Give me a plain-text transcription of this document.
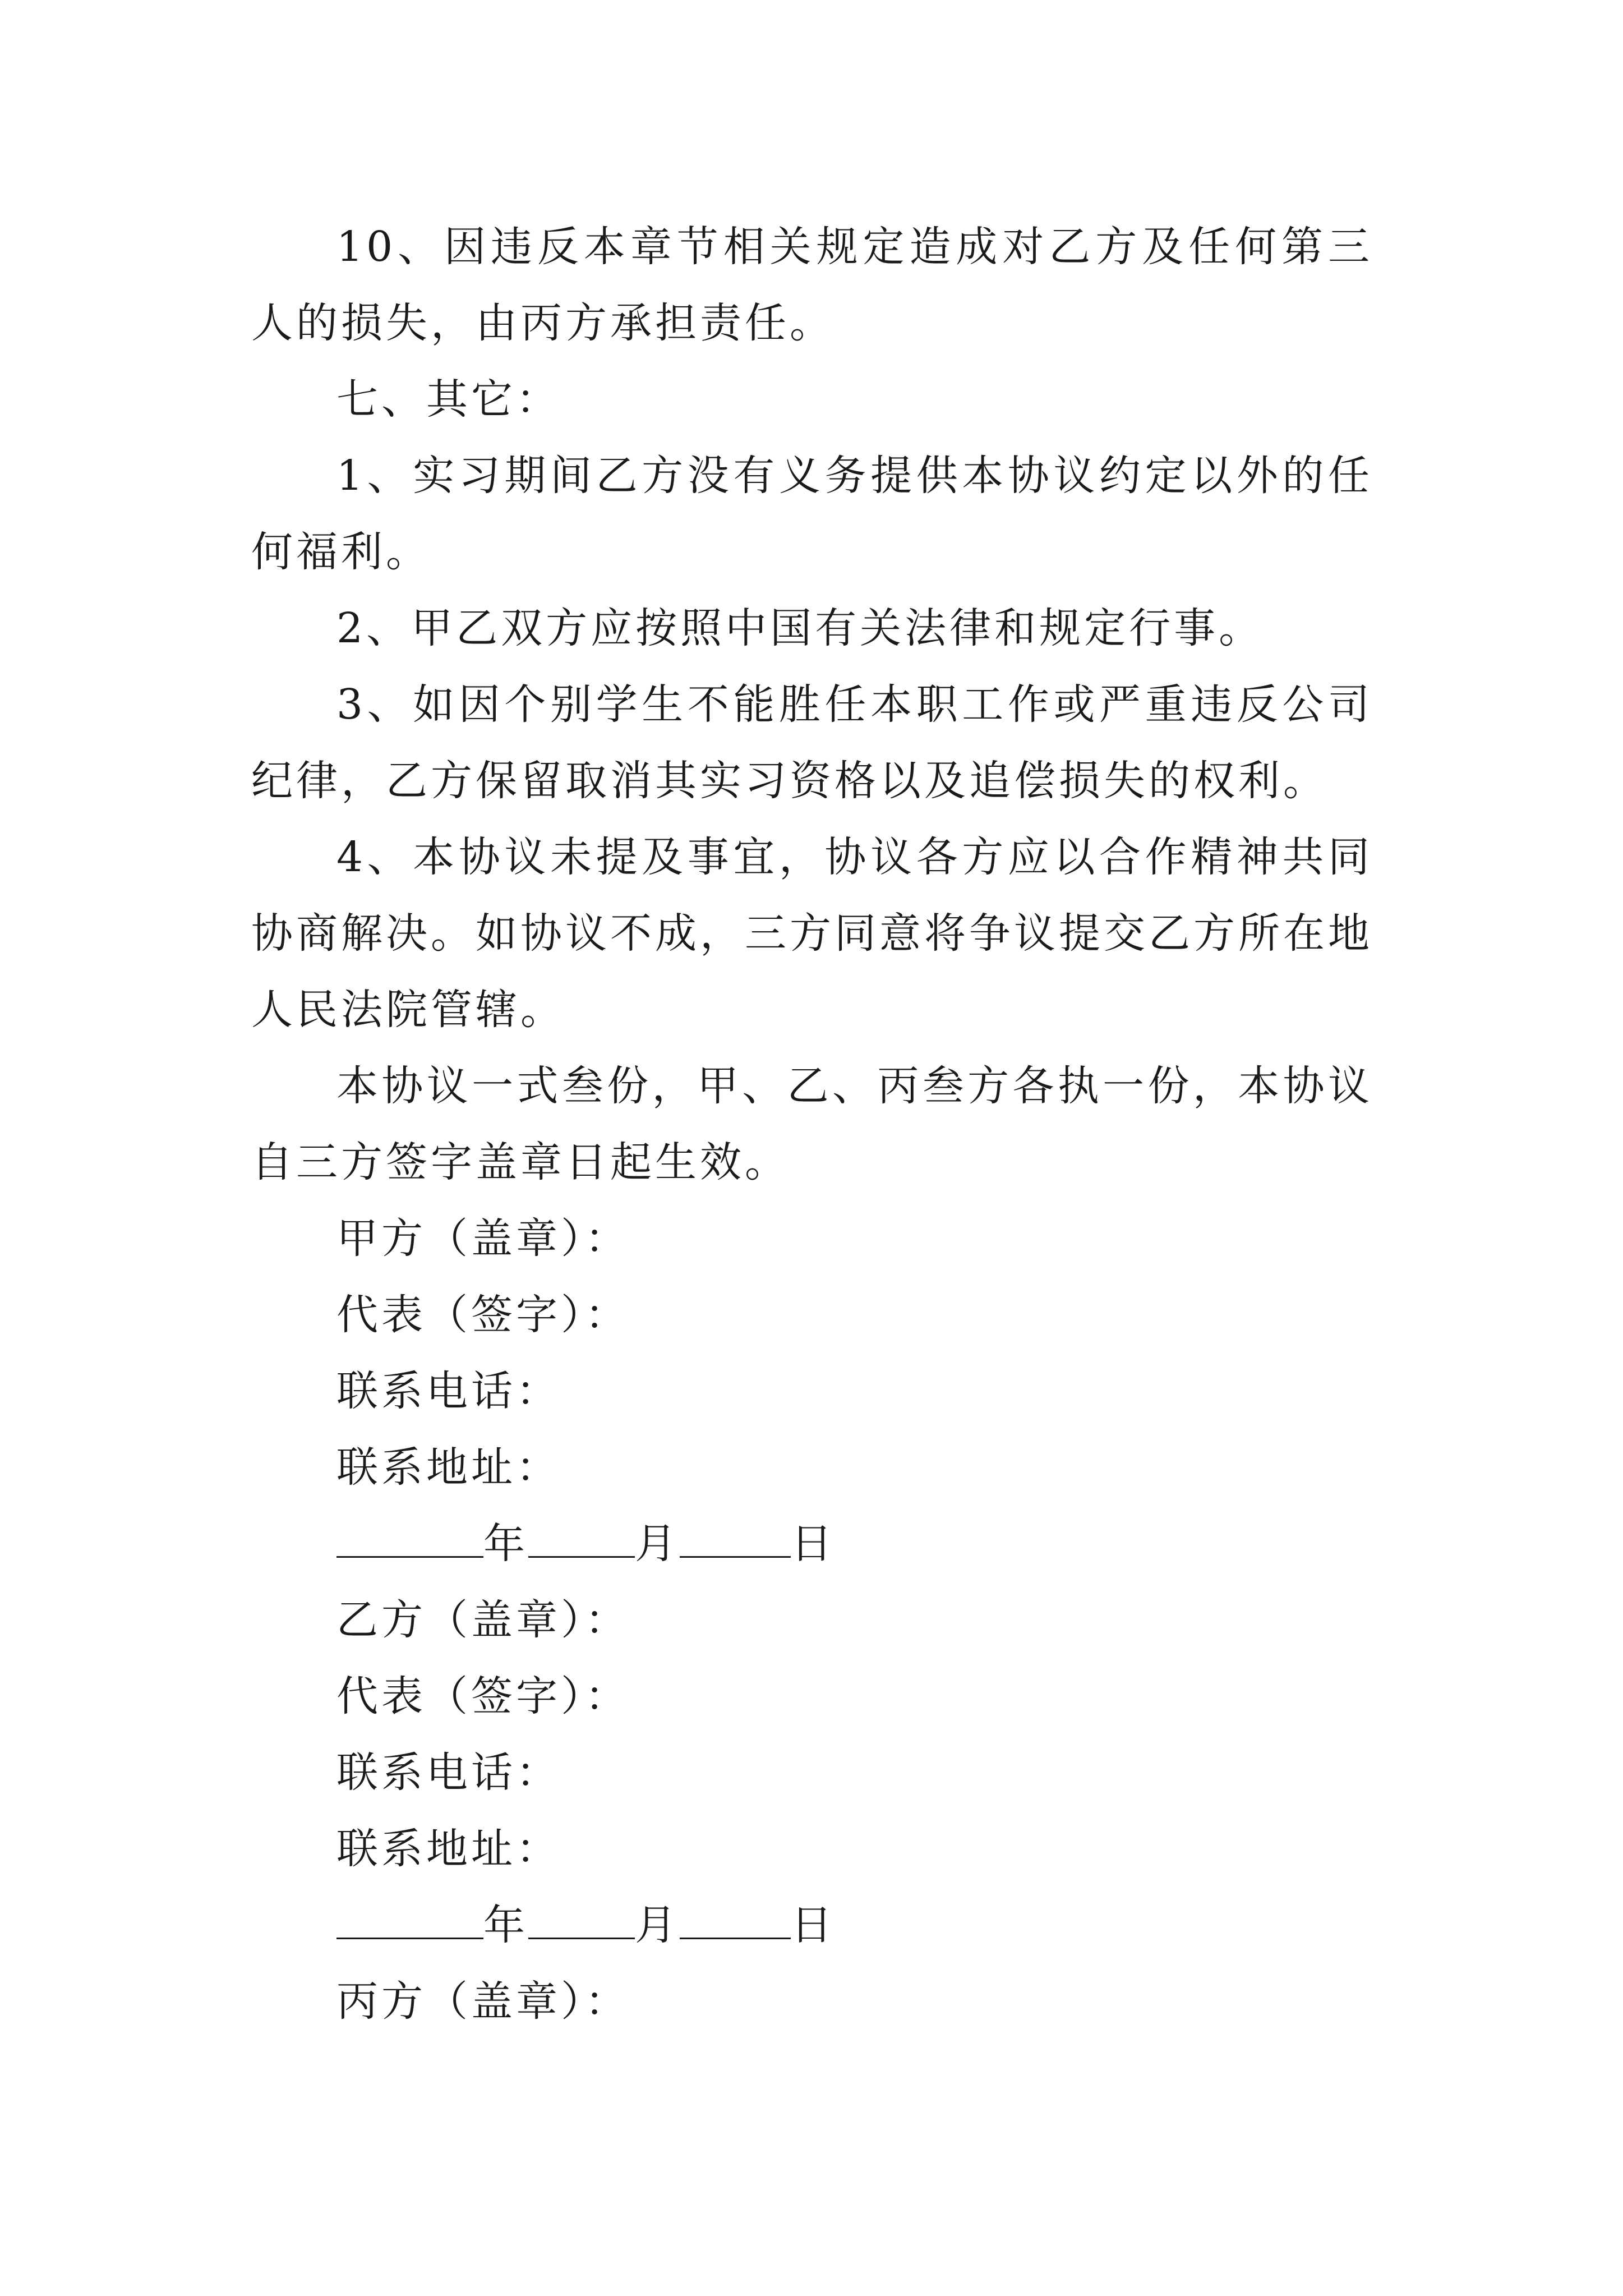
10、因违反本章节相关规定造成对乙方及任何第三人的损失，由丙方承担责任。

七、其它：

1、实习期间乙方没有义务提供本协议约定以外的任何福利。

2、甲乙双方应按照中国有关法律和规定行事。

3、如因个别学生不能胜任本职工作或严重违反公司纪律，乙方保留取消其实习资格以及追偿损失的权利。

4、本协议未提及事宜，协议各方应以合作精神共同协商解决。如协议不成，三方同意将争议提交乙方所在地人民法院管辖。

本协议一式叁份，甲、乙、丙叁方各执一份，本协议自三方签字盖章日起生效。

甲方（盖章）：

代表（签字）：

联系电话：

联系地址：

年	月	日

乙方（盖章）：

代表（签字）：

联系电话：

联系地址：

年	月	日

丙方（盖章）：
